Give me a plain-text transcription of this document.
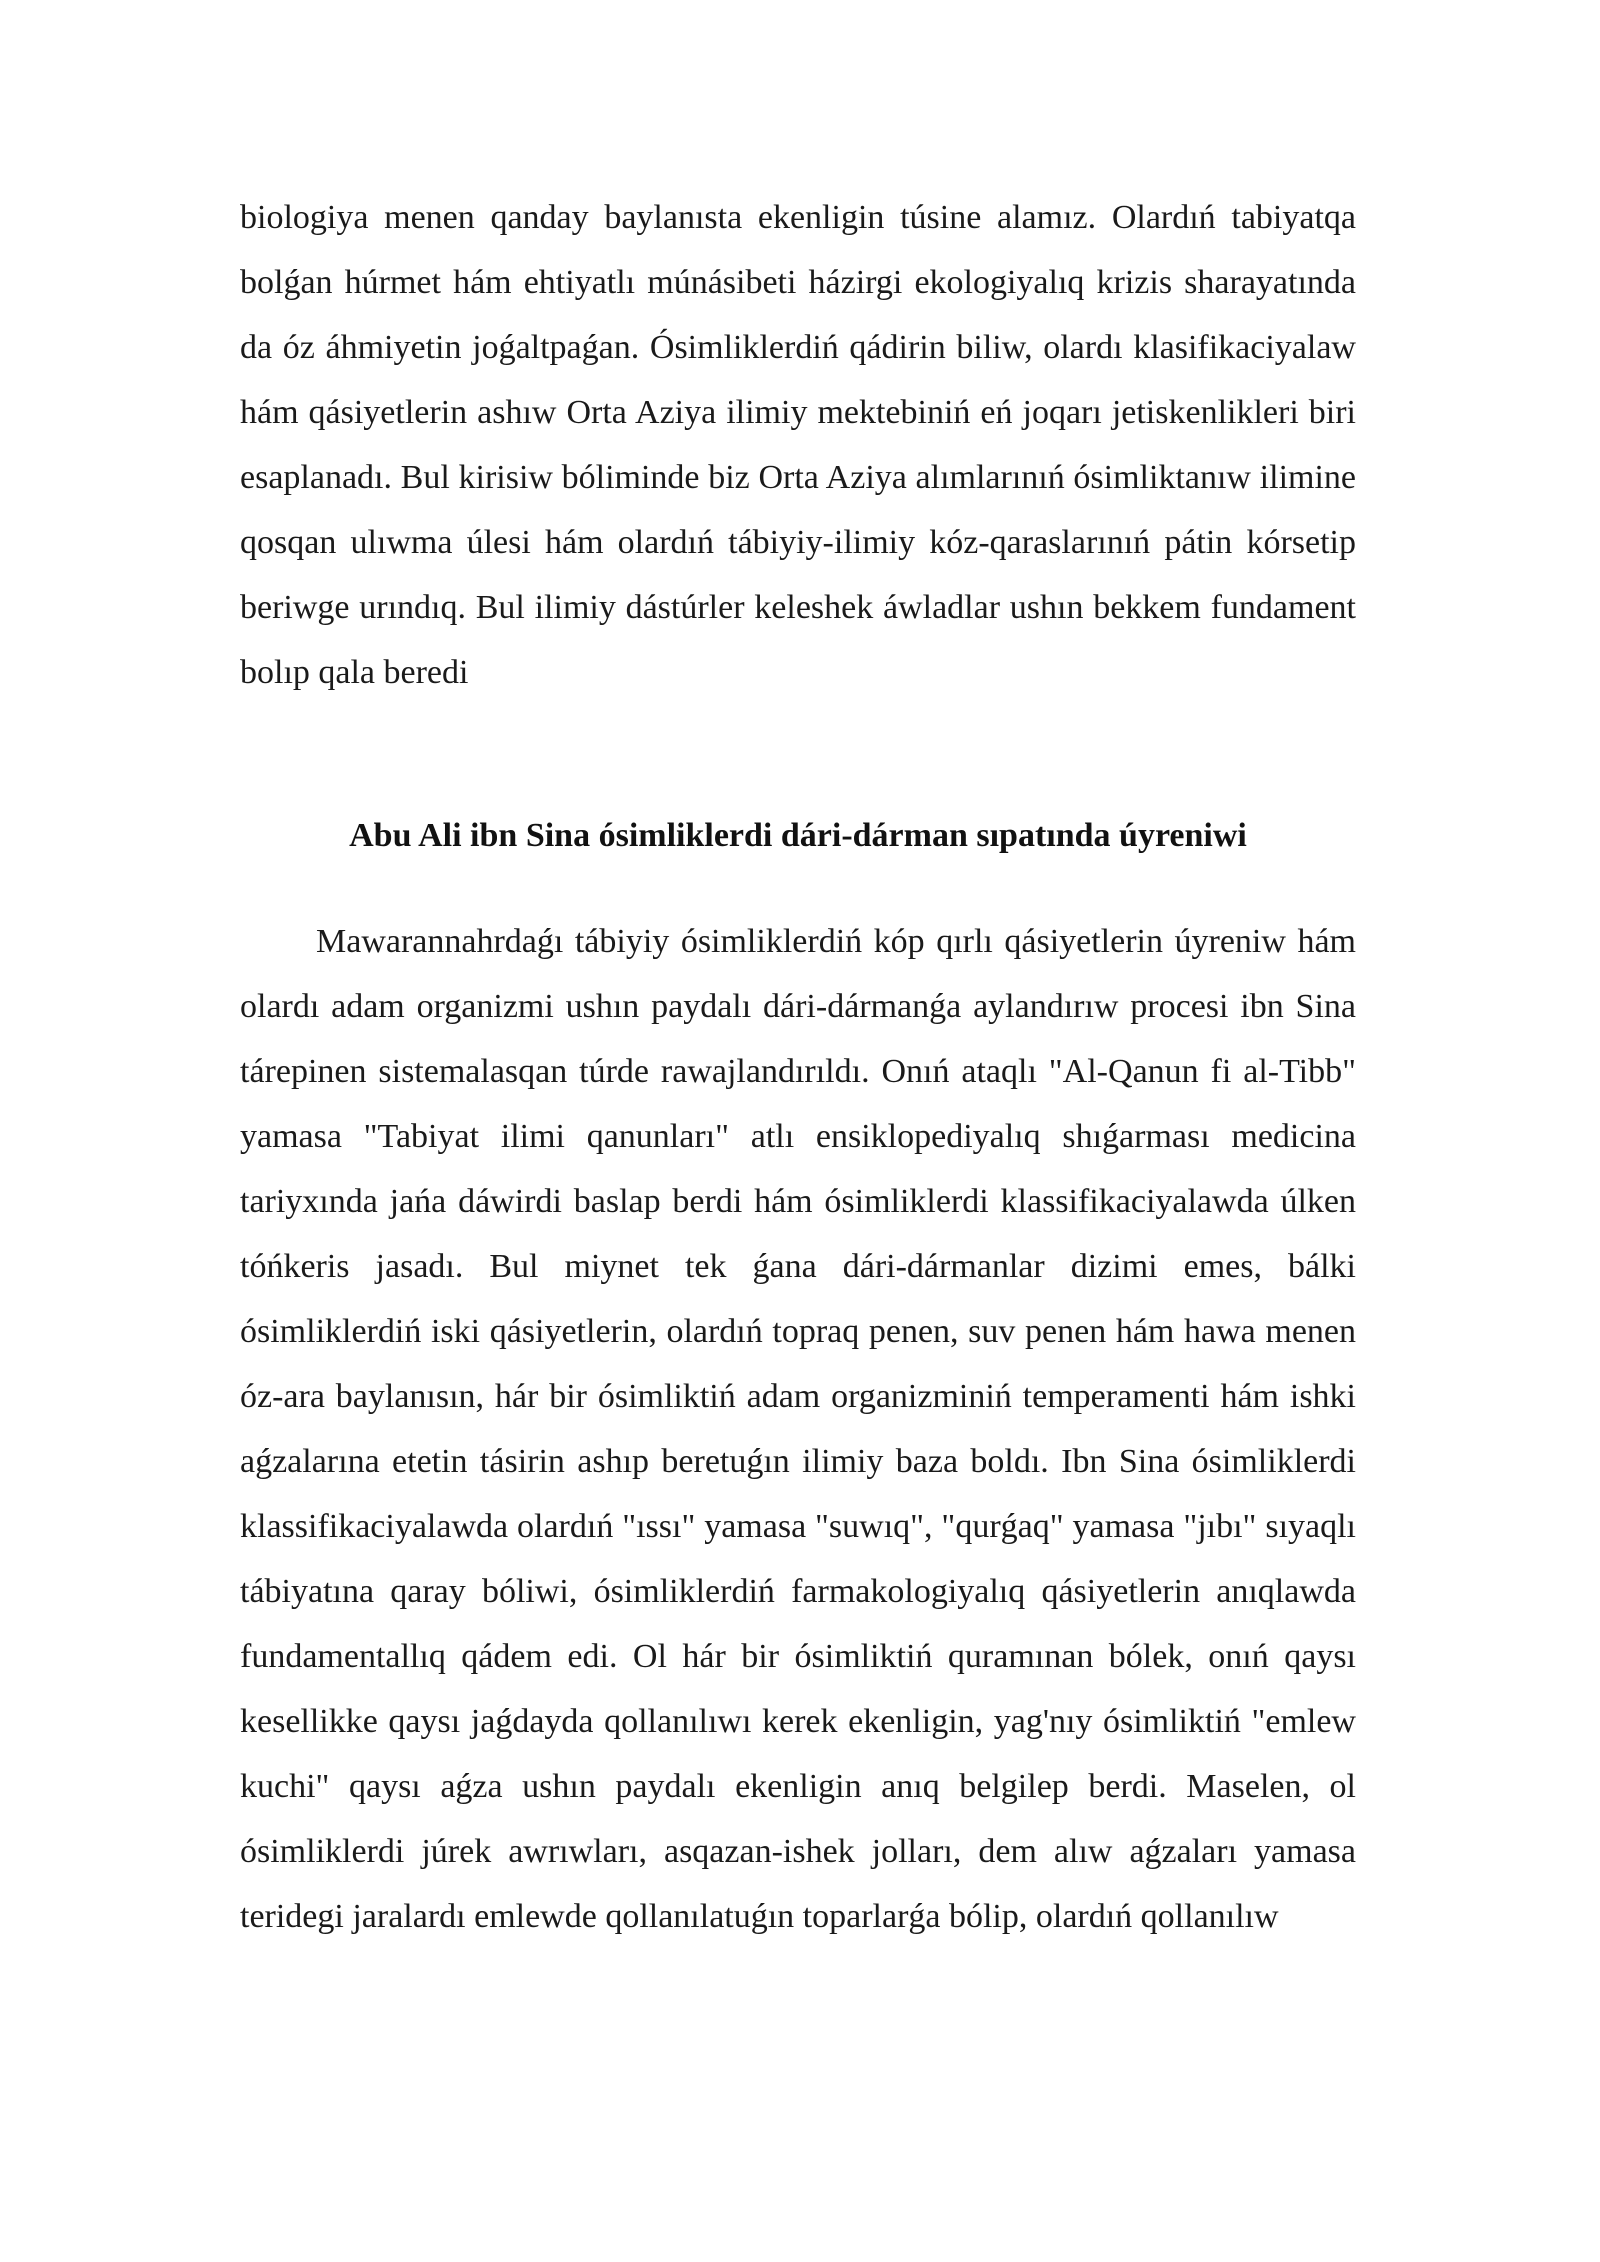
biologiya menen qanday baylanısta ekenligin túsine alamız. Olardıń tabiyatqa bolǵan húrmet hám ehtiyatlı múnásibeti házirgi ekologiyalıq krizis sharayatında da óz áhmiyetin joǵaltpaǵan. Ósimliklerdiń qádirin biliw, olardı klasifikaciyalaw hám qásiyetlerin ashıw Orta Aziya ilimiy mektebiniń eń joqarı jetiskenlikleri biri esaplanadı. Bul kirisiw bóliminde biz Orta Aziya alımlarınıń ósimliktanıw ilimine qosqan ulıwma úlesi hám olardıń tábiyiy-ilimiy kóz-qaraslarınıń pátin kórsetip beriwge urındıq. Bul ilimiy dástúrler keleshek áwladlar ushın bekkem fundament bolıp qala beredi

Abu Ali ibn Sina ósimliklerdi dári-dárman sıpatında úyreniwi

Mawarannahrdaǵı tábiyiy ósimliklerdiń kóp qırlı qásiyetlerin úyreniw hám olardı adam organizmi ushın paydalı dári-dármanǵa aylandırıw procesi ibn Sina tárepinen sistemalasqan túrde rawajlandırıldı. Onıń ataqlı "Al-Qanun fi al-Tibb" yamasa "Tabiyat ilimi qanunları" atlı ensiklopediyalıq shıǵarması medicina tariyxında jańa dáwirdi baslap berdi hám ósimliklerdi klassifikaciyalawda úlken tóńkeris jasadı. Bul miynet tek ǵana dári-dármanlar dizimi emes, bálki ósimliklerdiń iski qásiyetlerin, olardıń topraq penen, suv penen hám hawa menen óz-ara baylanısın, hár bir ósimliktiń adam organizminiń temperamenti hám ishki aǵzalarına etetin tásirin ashıp beretuǵın ilimiy baza boldı. Ibn Sina ósimliklerdi klassifikaciyalawda olardıń "ıssı" yamasa "suwıq", "qurǵaq" yamasa "jıbı" sıyaqlı tábiyatına qaray bóliwi, ósimliklerdiń farmakologiyalıq qásiyetlerin anıqlawda fundamentallıq qádem edi. Ol hár bir ósimliktiń quramınan bólek, onıń qaysı kesellikke qaysı jaǵdayda qollanılıwı kerek ekenligin, yag'nıy ósimliktiń "emlew kuchi" qaysı aǵza ushın paydalı ekenligin anıq belgilep berdi. Maselen, ol ósimliklerdi júrek awrıwları, asqazan-ishek jolları, dem alıw aǵzaları yamasa teridegi jaralardı emlewde qollanılatuǵın toparlarǵa bólip, olardıń qollanılıw
